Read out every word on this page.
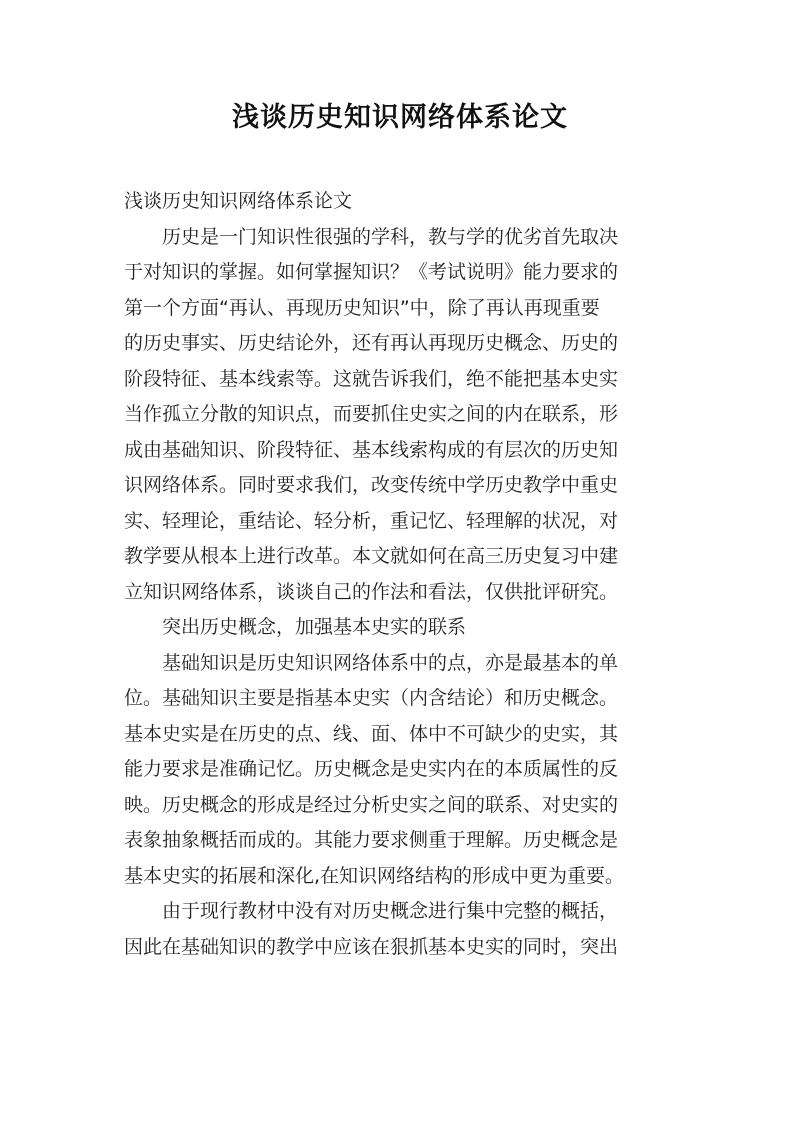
浅谈历史知识网络体系论文
浅谈历史知识网络体系论文
历史是一门知识性很强的学科，教与学的优劣首先取决
于对知识的掌握。如何掌握知识？《考试说明》能力要求的
第一个方面“再认、再现历史知识”中，除了再认再现重要
的历史事实、历史结论外，还有再认再现历史概念、历史的
阶段特征、基本线索等。这就告诉我们，绝不能把基本史实
当作孤立分散的知识点，而要抓住史实之间的内在联系，形
成由基础知识、阶段特征、基本线索构成的有层次的历史知
识网络体系。同时要求我们，改变传统中学历史教学中重史
实、轻理论，重结论、轻分析，重记忆、轻理解的状况，对
教学要从根本上进行改革。本文就如何在高三历史复习中建
立知识网络体系，谈谈自己的作法和看法，仅供批评研究。
突出历史概念，加强基本史实的联系
基础知识是历史知识网络体系中的点，亦是最基本的单
位。基础知识主要是指基本史实（内含结论）和历史概念。
基本史实是在历史的点、线、面、体中不可缺少的史实，其
能力要求是准确记忆。历史概念是史实内在的本质属性的反
映。历史概念的形成是经过分析史实之间的联系、对史实的
表象抽象概括而成的。其能力要求侧重于理解。历史概念是
基本史实的拓展和深化,在知识网络结构的形成中更为重要。
由于现行教材中没有对历史概念进行集中完整的概括，
因此在基础知识的教学中应该在狠抓基本史实的同时，突出
